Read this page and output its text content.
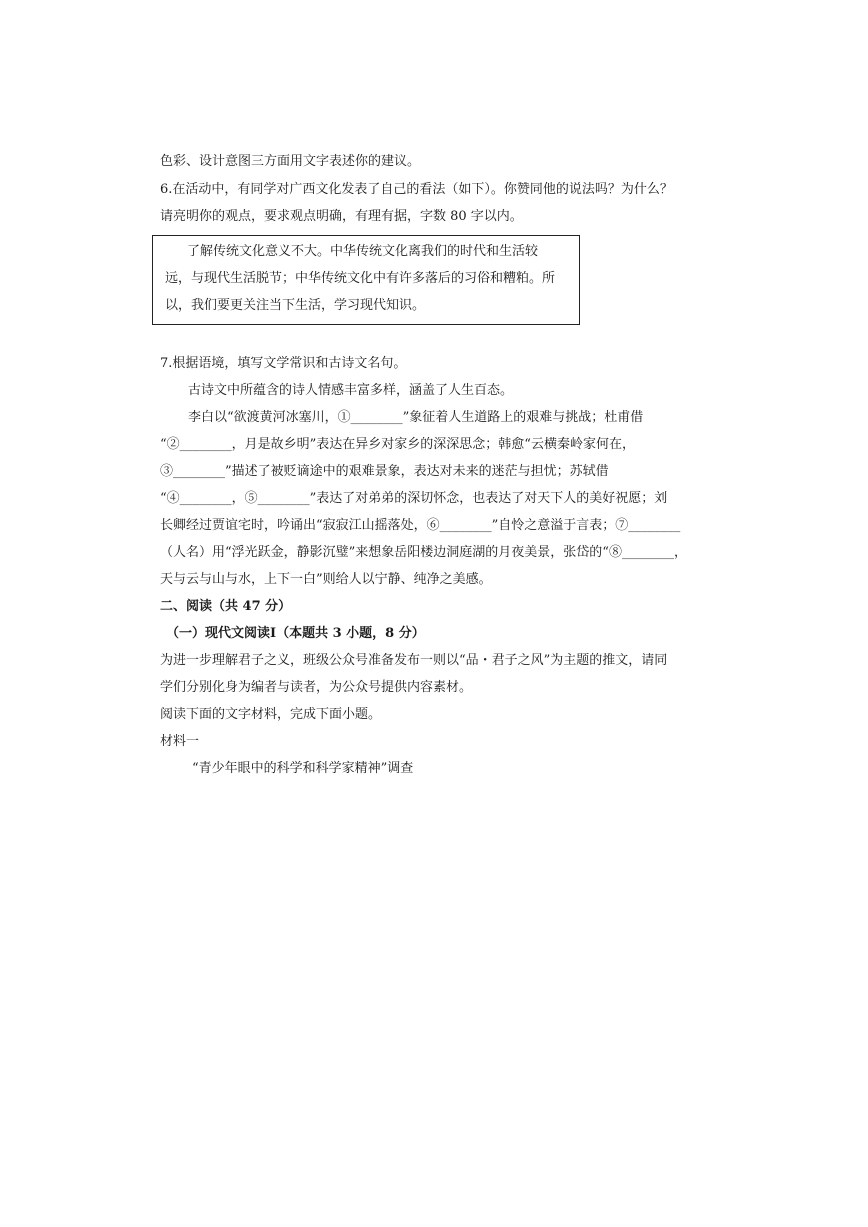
色彩、设计意图三方面用文字表述你的建议。
6.在活动中，有同学对广西文化发表了自己的看法（如下）。你赞同他的说法吗？为什么？
请亮明你的观点，要求观点明确，有理有据，字数 80 字以内。
了解传统文化意义不大。中华传统文化离我们的时代和生活较
远，与现代生活脱节；中华传统文化中有许多落后的习俗和糟粕。所
以，我们要更关注当下生活，学习现代知识。
7.根据语境，填写文学常识和古诗文名句。
古诗文中所蕴含的诗人情感丰富多样，涵盖了人生百态。
李白以“欲渡黄河冰塞川，①________”象征着人生道路上的艰难与挑战；杜甫借
“②________，月是故乡明”表达在异乡对家乡的深深思念；韩愈“云横秦岭家何在，
③________”描述了被贬谪途中的艰难景象，表达对未来的迷茫与担忧；苏轼借
“④________，⑤________”表达了对弟弟的深切怀念，也表达了对天下人的美好祝愿；刘
长卿经过贾谊宅时，吟诵出“寂寂江山摇落处，⑥________”自怜之意溢于言表；⑦________
（人名）用“浮光跃金，静影沉璧”来想象岳阳楼边洞庭湖的月夜美景，张岱的“⑧________，
天与云与山与水，上下一白”则给人以宁静、纯净之美感。
二、阅读（共 47 分）
（一）现代文阅读Ⅰ（本题共 3 小题，8 分）
为进一步理解君子之义，班级公众号准备发布一则以“品・君子之风”为主题的推文，请同
学们分别化身为编者与读者，为公众号提供内容素材。
阅读下面的文字材料，完成下面小题。
材料一
“青少年眼中的科学和科学家精神”调查
